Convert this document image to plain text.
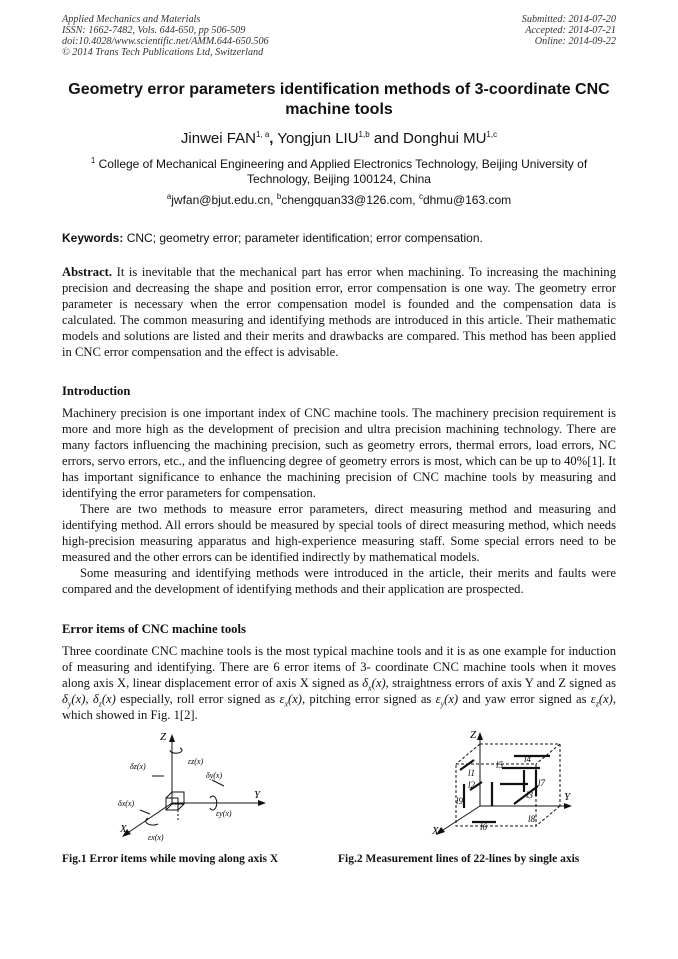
Applied Mechanics and Materials
ISSN: 1662-7482, Vols. 644-650, pp 506-509
doi:10.4028/www.scientific.net/AMM.644-650.506
© 2014 Trans Tech Publications Ltd, Switzerland
Submitted: 2014-07-20
Accepted: 2014-07-21
Online: 2014-09-22
Geometry error parameters identification methods of 3-coordinate CNC machine tools
Jinwei FAN$^{1, a}$, Yongjun LIU$^{1,b}$ and Donghui MU$^{1,c}$
$^1$ College of Mechanical Engineering and Applied Electronics Technology, Beijing University of Technology, Beijing 100124, China
$^a$jwfan@bjut.edu.cn, $^b$chengquan33@126.com, $^c$dhmu@163.com
Keywords: CNC; geometry error; parameter identification; error compensation.
Abstract. It is inevitable that the mechanical part has error when machining. To increasing the machining precision and decreasing the shape and position error, error compensation is one way. The geometry error parameter is necessary when the error compensation model is founded and the compensation data is calculated. The common measuring and identifying methods are introduced in this article. Their mathematic models and solutions are listed and their merits and drawbacks are compared. This method has been applied in CNC error compensation and the effect is advisable.
Introduction
Machinery precision is one important index of CNC machine tools. The machinery precision requirement is more and more high as the development of precision and ultra precision machining technology. There are many factors influencing the machining precision, such as geometry errors, thermal errors, load errors, NC errors, servo errors, etc., and the influencing degree of geometry errors is most, which can be up to 40%[1]. It has important significance to enhance the machining precision of CNC machine tools by measuring and identifying the error parameters for compensation.
There are two methods to measure error parameters, direct measuring method and measuring and identifying method. All errors should be measured by special tools of direct measuring method, which needs high-precision measuring apparatus and high-experience measuring staff. Some special errors need to be measured and the other errors can be identified indirectly by mathematical models.
Some measuring and identifying methods were introduced in the article, their merits and faults were compared and the development of identifying methods and their application are prospected.
Error items of CNC machine tools
Three coordinate CNC machine tools is the most typical machine tools and it is as one example for induction of measuring and identifying. There are 6 error items of 3- coordinate CNC machine tools when it moves along axis X, linear displacement error of axis X signed as $\delta_x(x)$, straightness errors of axis Y and Z signed as $\delta_y(x)$, $\delta_z(x)$ especially, roll error signed as $\varepsilon_x(x)$, pitching error signed as $\varepsilon_y(x)$ and yaw error signed as $\varepsilon_z(x)$, which showed in Fig. 1[2].
Z
Y
X
δz(x)
εz(x)
δy(x)
εy(x)
δx(x)
εx(x)
Fig.1 Error items while moving along axis X
Z
Y
X
l1
l2
l3
l4
l5
l6
l7
l8
l9
Fig.2 Measurement lines of 22-lines by single axis
